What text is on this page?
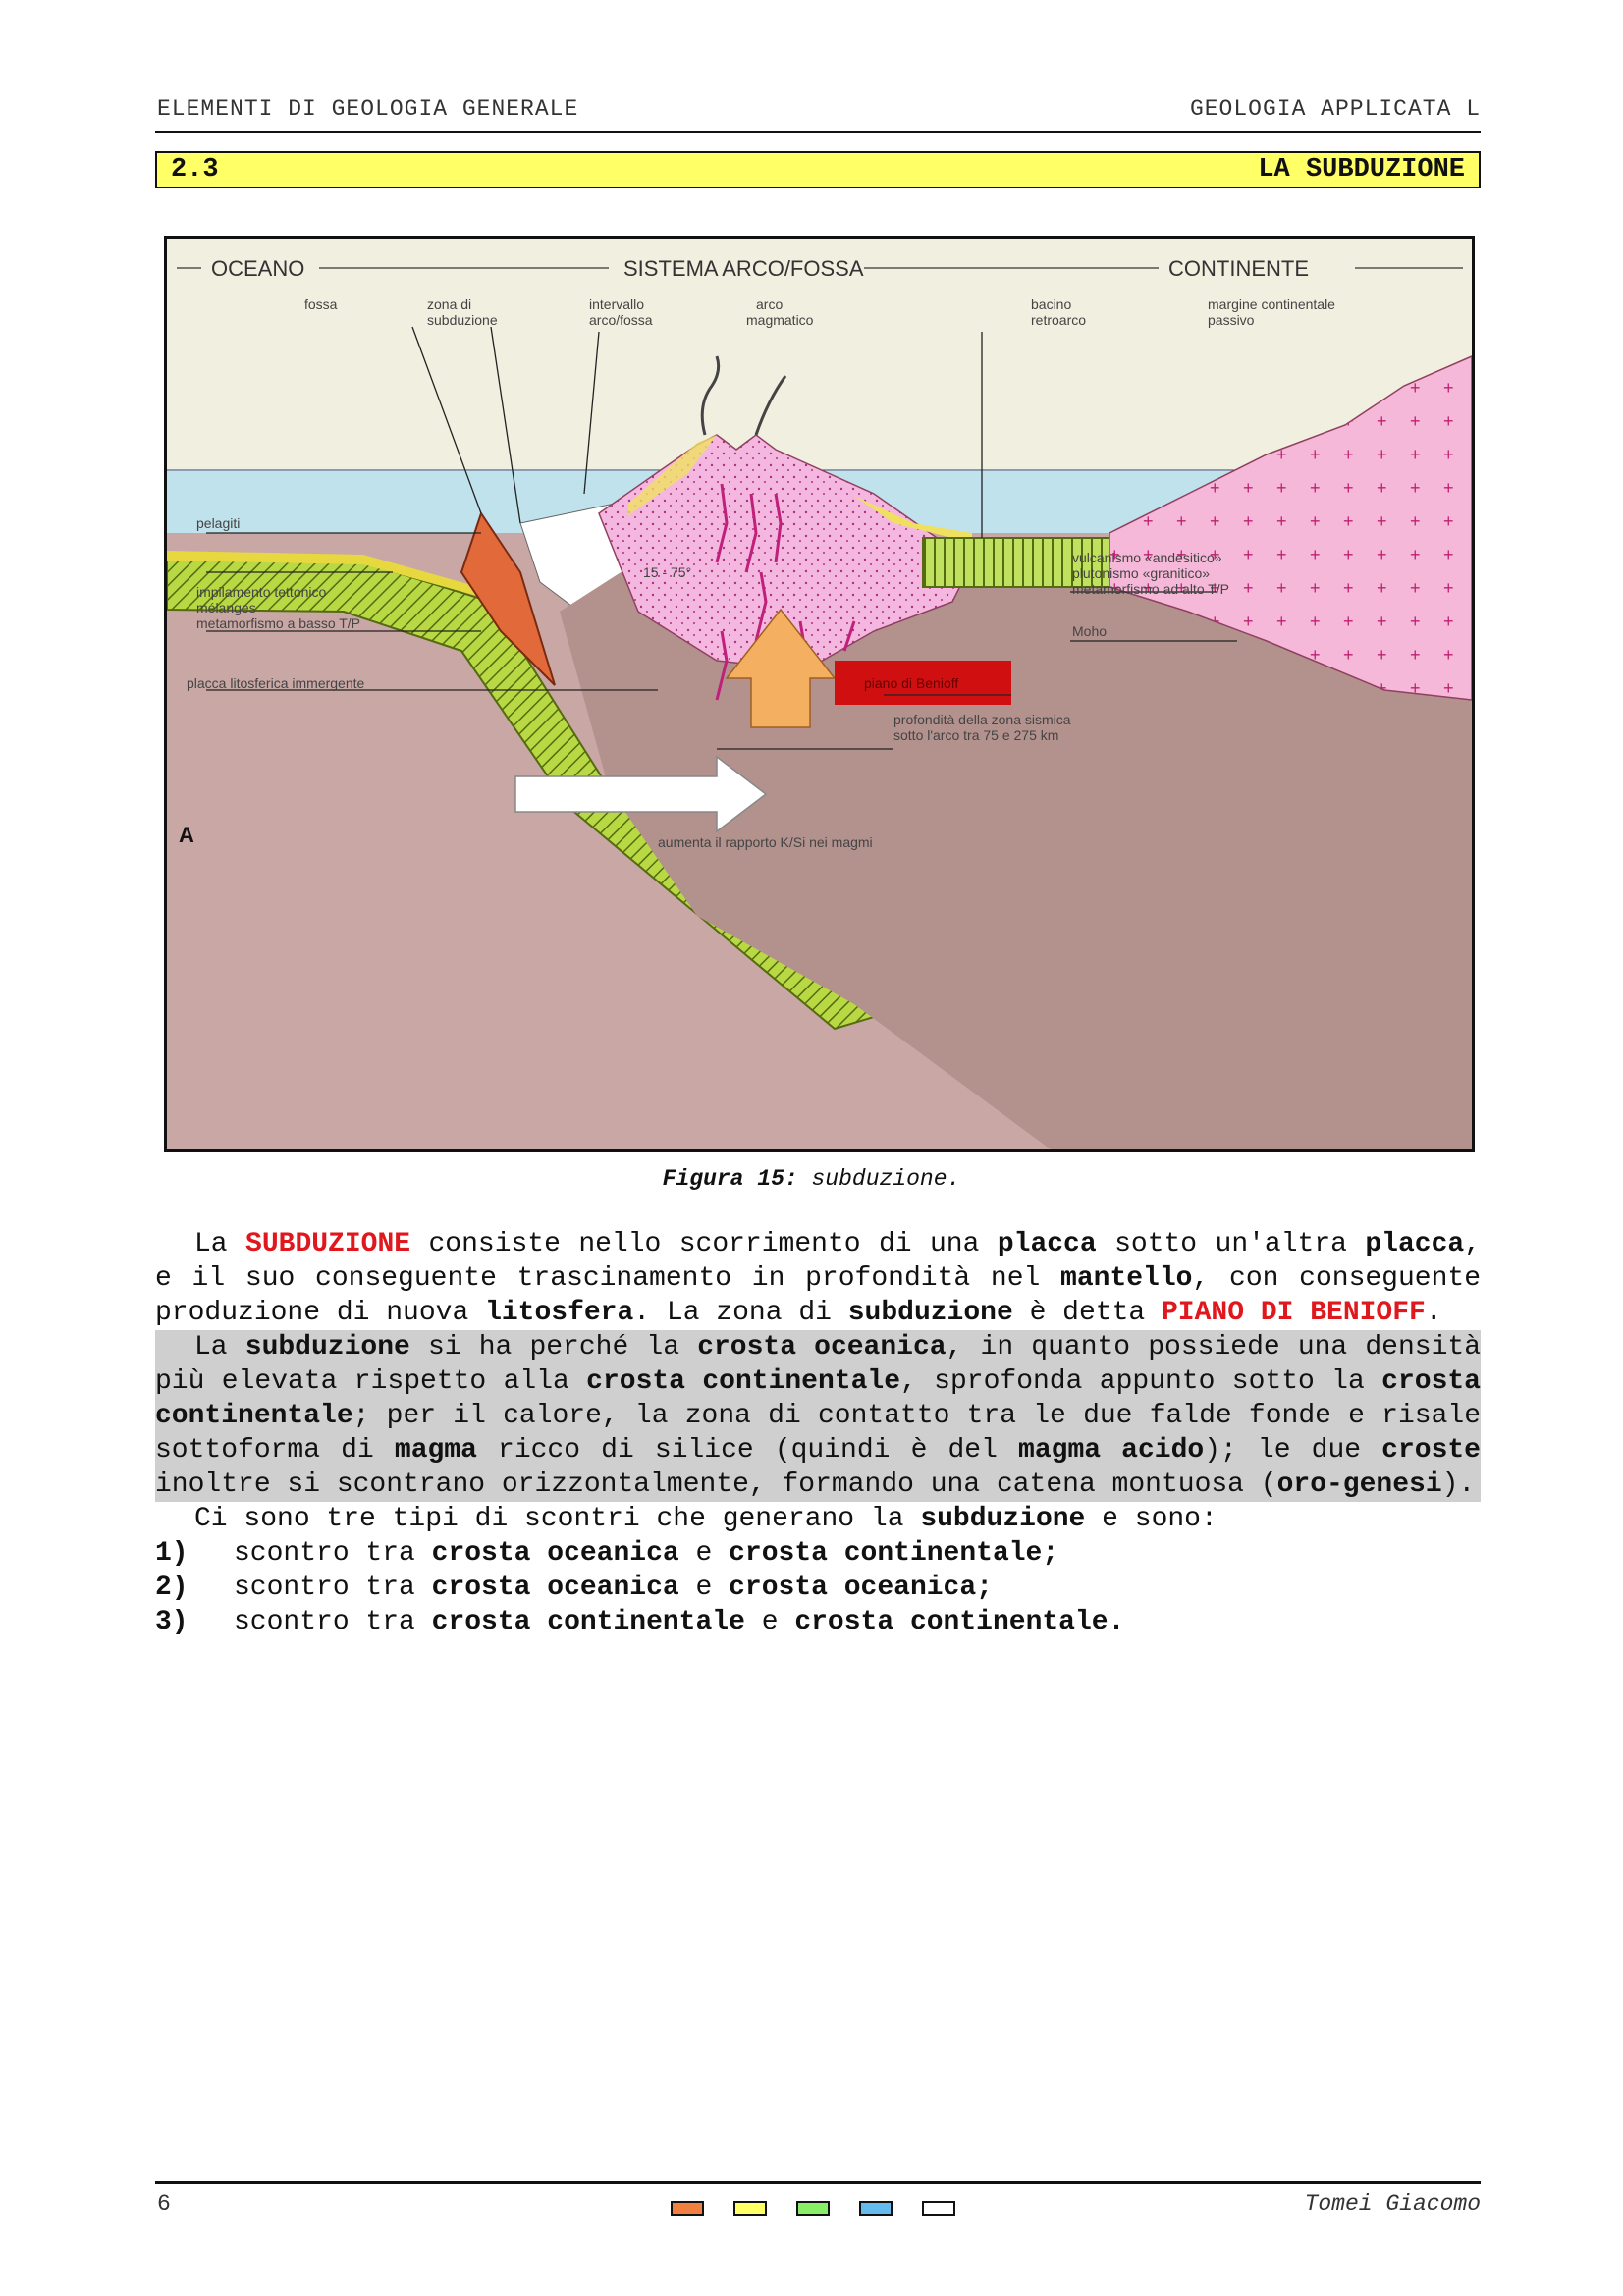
ELEMENTI DI GEOLOGIA GENERALE	GEOLOGIA APPLICATA L
2.3	LA SUBDUZIONE
OCEANO	SISTEMA ARCO/FOSSA	CONTINENTE
fossa	zona di
subduzione
intervallo
arco/fossa
arco
magmatico
bacino
retroarco
margine continentale
passivo
pelagiti
impilamento tettonico
mélanges
metamorfismo a basso T/P
15 - 75°
vulcanismo «andesitico»
plutonismo «granitico»
metamorfismo ad alto T/P
Moho
placca litosferica immergente	piano di Benioff
profondità della zona sismica
sotto l'arco tra 75 e 275 km
aumenta il rapporto K/Si nei magmi
A
Figura 15: subduzione.

La SUBDUZIONE consiste nello scorrimento di una placca sotto un'altra placca, e il suo conseguente trascinamento in profondità nel mantello, con conseguente produzione di nuova litosfera. La zona di subduzione è detta PIANO DI BENIOFF.

La subduzione si ha perché la crosta oceanica, in quanto possiede una densità più elevata rispetto alla crosta continentale, sprofonda appunto sotto la crosta continentale; per il calore, la zona di contatto tra le due falde fonde e risale sottoforma di magma ricco di silice (quindi è del magma acido); le due croste inoltre si scontrano orizzontalmente, formando una catena montuosa (oro-genesi).

Ci sono tre tipi di scontri che generano la subduzione e sono:

1)	scontro tra crosta oceanica e crosta continentale;
2)	scontro tra crosta oceanica e crosta oceanica;
3)	scontro tra crosta continentale e crosta continentale.
6	Tomei Giacomo
